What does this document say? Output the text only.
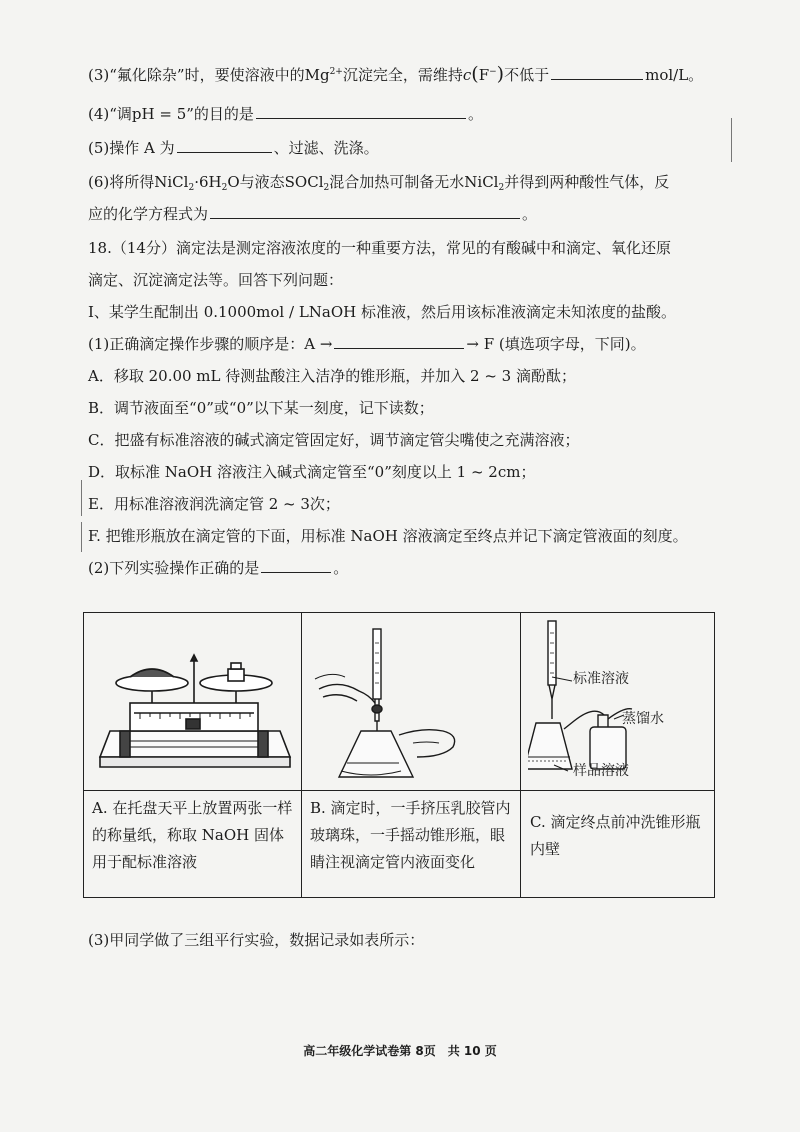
(3)“氟化除杂”时，要使溶液中的$Mg^{2+}$沉淀完全，需维持c(F−)不低于	mol/L。
(4)“调pH = 5”的目的是	。
(5)操作 A 为	、过滤、洗涤。
(6)将所得$NiCl_2\cdot 6H_2O$与液态SOCl$_2$混合加热可制备无水NiCl$_2$并得到两种酸性气体，反
应的化学方程式为	。
18.（14分）滴定法是测定溶液浓度的一种重要方法，常见的有酸碱中和滴定、氧化还原
滴定、沉淀滴定法等。回答下列问题：
I、某学生配制出 0.1000mol / LNaOH 标准液，然后用该标准液滴定未知浓度的盐酸。
(1)正确滴定操作步骤的顺序是：A →	→ F (填选项字母，下同)。
A．移取 20.00 mL 待测盐酸注入洁净的锥形瓶，并加入 2 ~ 3 滴酚酞；
B．调节液面至“0”或“0”以下某一刻度，记下读数；
C．把盛有标准溶液的碱式滴定管固定好，调节滴定管尖嘴使之充满溶液；
D．取标准 NaOH 溶液注入碱式滴定管至“0”刻度以上 1 ~ 2cm；
E．用标准溶液润洗滴定管 2 ~ 3次；
F. 把锥形瓶放在滴定管的下面，用标准 NaOH 溶液滴定至终点并记下滴定管液面的刻度。
(2)下列实验操作正确的是	。
标准溶液
蒸馏水
样品溶液
A. 在托盘天平上放置两张一样的称量纸，称取 NaOH 固体用于配标准溶液
B. 滴定时，一手挤压乳胶管内玻璃珠，一手摇动锥形瓶，眼睛注视滴定管内液面变化
C. 滴定终点前冲洗锥形瓶内壁
(3)甲同学做了三组平行实验，数据记录如表所示：
高二年级化学试卷第 8页　共 10 页
